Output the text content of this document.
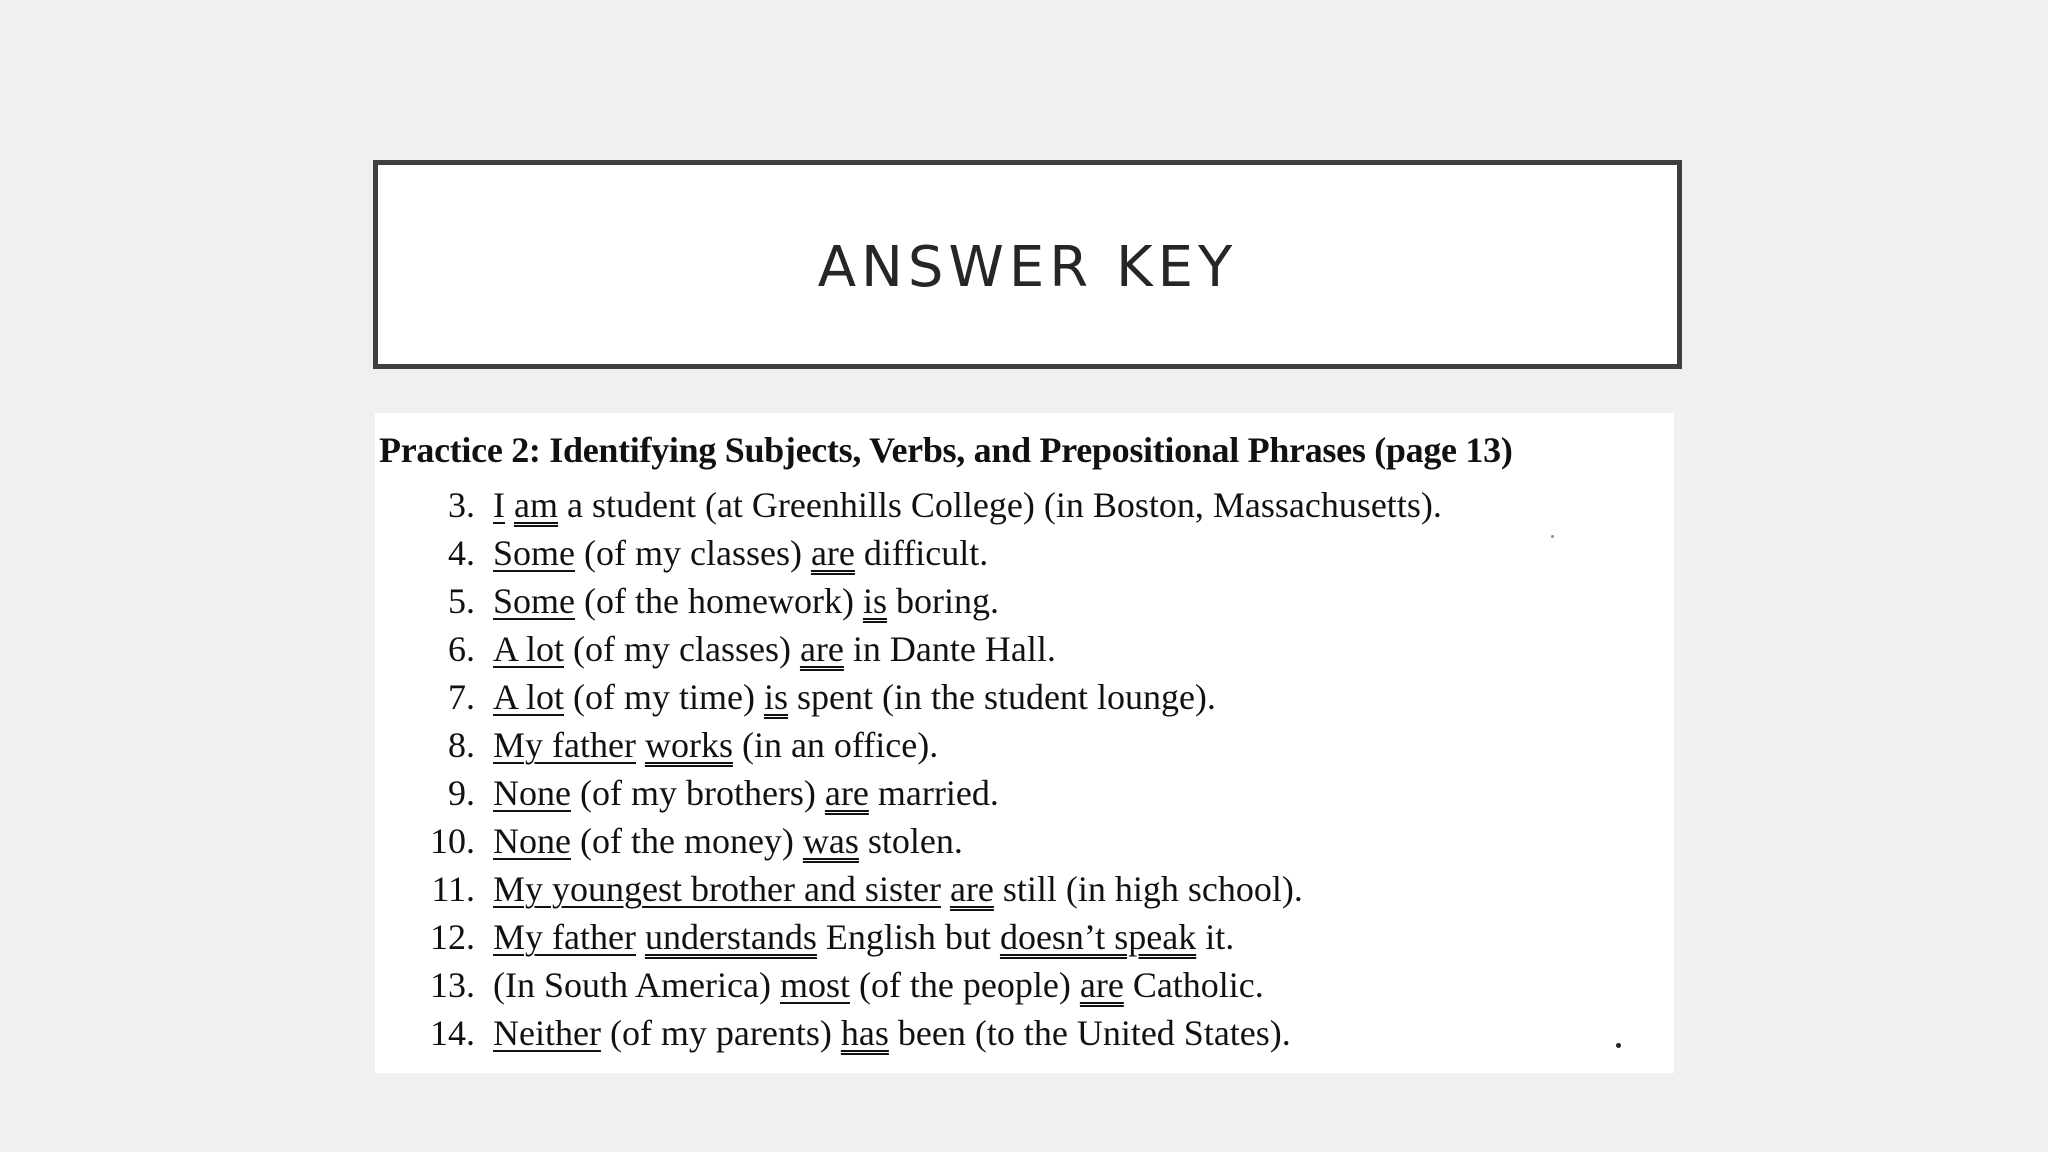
ANSWER KEY
Practice 2: Identifying Subjects, Verbs, and Prepositional Phrases (page 13)
3. I am a student (at Greenhills College) (in Boston, Massachusetts).
4. Some (of my classes) are difficult.
5. Some (of the homework) is boring.
6. A lot (of my classes) are in Dante Hall.
7. A lot (of my time) is spent (in the student lounge).
8. My father works (in an office).
9. None (of my brothers) are married.
10. None (of the money) was stolen.
11. My youngest brother and sister are still (in high school).
12. My father understands English but doesn’t speak it.
13. (In South America) most (of the people) are Catholic.
14. Neither (of my parents) has been (to the United States).
